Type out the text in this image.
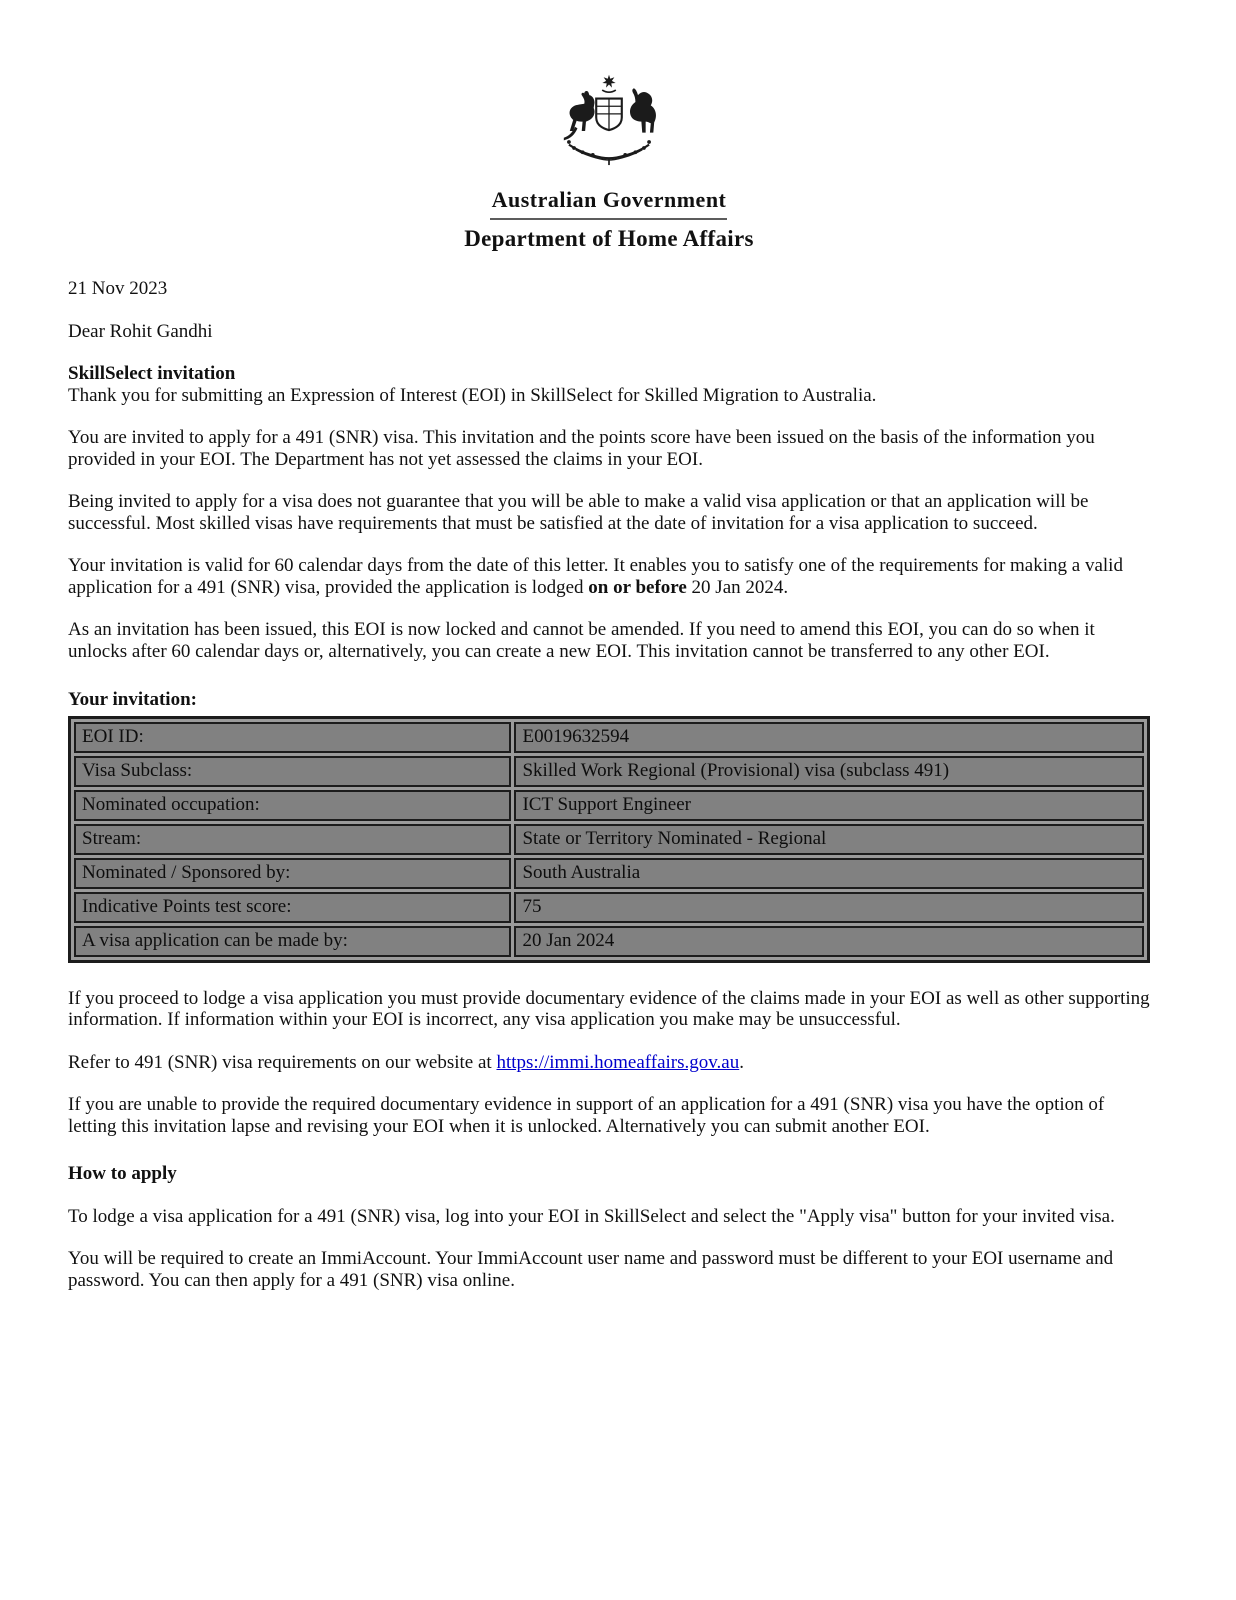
Australian Government
Department of Home Affairs

21 Nov 2023

Dear Rohit Gandhi

SkillSelect invitation
Thank you for submitting an Expression of Interest (EOI) in SkillSelect for Skilled Migration to Australia.

You are invited to apply for a 491 (SNR) visa. This invitation and the points score have been issued on the basis of the information you provided in your EOI. The Department has not yet assessed the claims in your EOI.

Being invited to apply for a visa does not guarantee that you will be able to make a valid visa application or that an application will be successful. Most skilled visas have requirements that must be satisfied at the date of invitation for a visa application to succeed.

Your invitation is valid for 60 calendar days from the date of this letter. It enables you to satisfy one of the requirements for making a valid application for a 491 (SNR) visa, provided the application is lodged on or before 20 Jan 2024.

As an invitation has been issued, this EOI is now locked and cannot be amended. If you need to amend this EOI, you can do so when it unlocks after 60 calendar days or, alternatively, you can create a new EOI. This invitation cannot be transferred to any other EOI.

Your invitation:

EOI ID:	E0019632594
Visa Subclass:	Skilled Work Regional (Provisional) visa (subclass 491)
Nominated occupation:	ICT Support Engineer
Stream:	State or Territory Nominated - Regional
Nominated / Sponsored by:	South Australia
Indicative Points test score:	75
A visa application can be made by:	20 Jan 2024

If you proceed to lodge a visa application you must provide documentary evidence of the claims made in your EOI as well as other supporting information. If information within your EOI is incorrect, any visa application you make may be unsuccessful.

Refer to 491 (SNR) visa requirements on our website at https://immi.homeaffairs.gov.au.

If you are unable to provide the required documentary evidence in support of an application for a 491 (SNR) visa you have the option of letting this invitation lapse and revising your EOI when it is unlocked. Alternatively you can submit another EOI.

How to apply

To lodge a visa application for a 491 (SNR) visa, log into your EOI in SkillSelect and select the "Apply visa" button for your invited visa.

You will be required to create an ImmiAccount. Your ImmiAccount user name and password must be different to your EOI username and password. You can then apply for a 491 (SNR) visa online.
